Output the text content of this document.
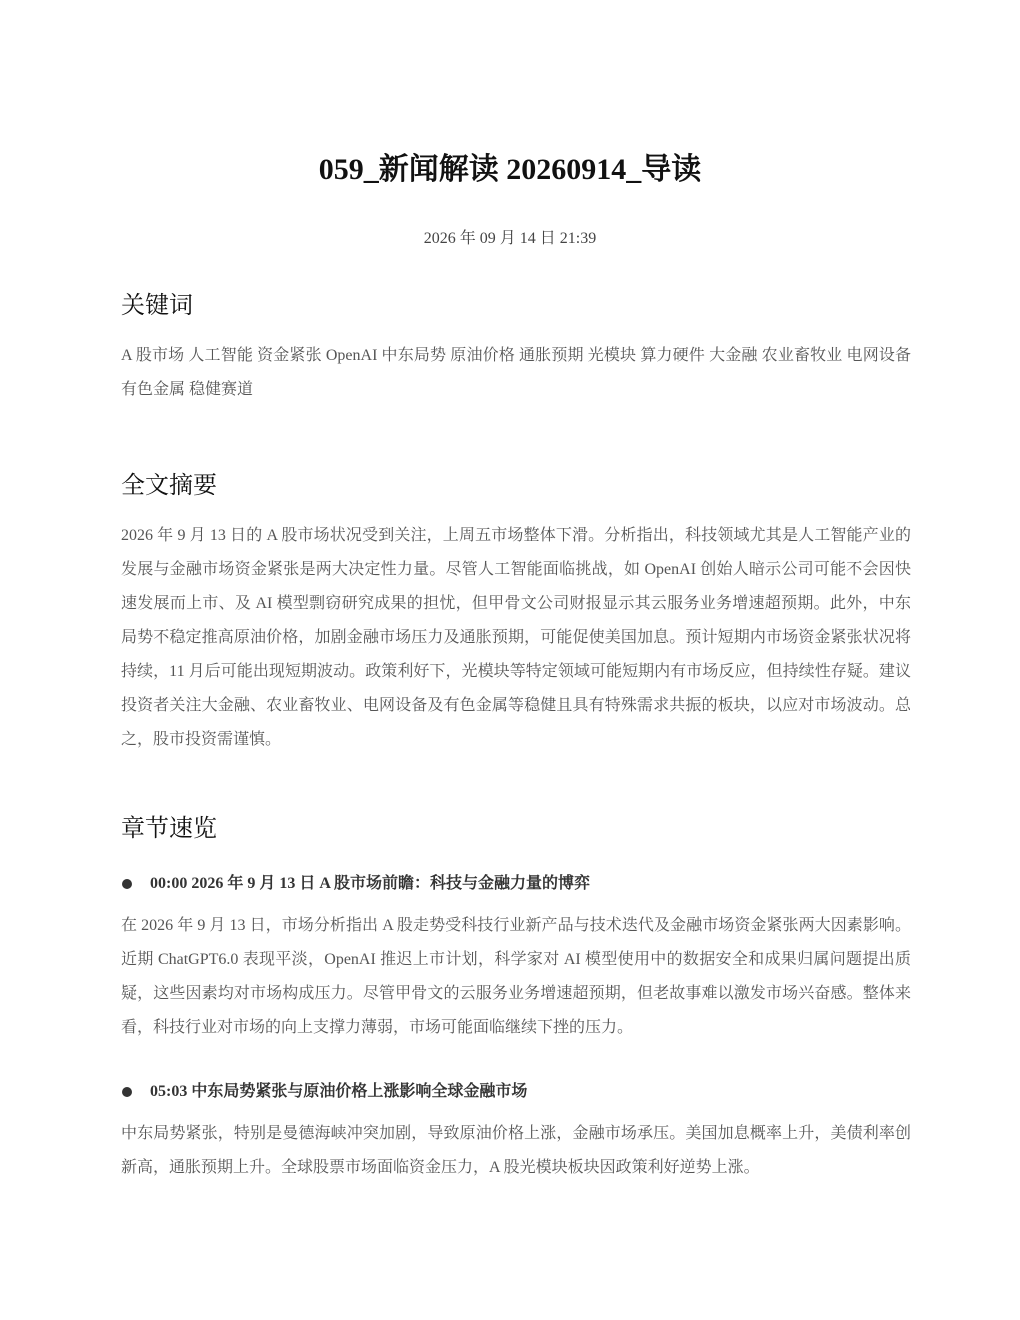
059_新闻解读 20260914_导读
2026 年 09 月 14 日 21:39
关键词

A 股市场 人工智能 资金紧张 OpenAI 中东局势 原油价格 通胀预期 光模块 算力硬件 大金融 农业畜牧业 电网设备 有色金属 稳健赛道

全文摘要

2026 年 9 月 13 日的 A 股市场状况受到关注，上周五市场整体下滑。分析指出，科技领域尤其是人工智能产业的发展与金融市场资金紧张是两大决定性力量。尽管人工智能面临挑战，如 OpenAI 创始人暗示公司可能不会因快速发展而上市、及 AI 模型剽窃研究成果的担忧，但甲骨文公司财报显示其云服务业务增速超预期。此外，中东局势不稳定推高原油价格，加剧金融市场压力及通胀预期，可能促使美国加息。预计短期内市场资金紧张状况将持续，11 月后可能出现短期波动。政策利好下，光模块等特定领域可能短期内有市场反应，但持续性存疑。建议投资者关注大金融、农业畜牧业、电网设备及有色金属等稳健且具有特殊需求共振的板块，以应对市场波动。总之，股市投资需谨慎。

章节速览
00:00 2026 年 9 月 13 日 A 股市场前瞻：科技与金融力量的博弈

在 2026 年 9 月 13 日，市场分析指出 A 股走势受科技行业新产品与技术迭代及金融市场资金紧张两大因素影响。近期 ChatGPT6.0 表现平淡，OpenAI 推迟上市计划，科学家对 AI 模型使用中的数据安全和成果归属问题提出质疑，这些因素均对市场构成压力。尽管甲骨文的云服务业务增速超预期，但老故事难以激发市场兴奋感。整体来看，科技行业对市场的向上支撑力薄弱，市场可能面临继续下挫的压力。

05:03 中东局势紧张与原油价格上涨影响全球金融市场

中东局势紧张，特别是曼德海峡冲突加剧，导致原油价格上涨，金融市场承压。美国加息概率上升，美债利率创新高，通胀预期上升。全球股票市场面临资金压力，A 股光模块板块因政策利好逆势上涨。
